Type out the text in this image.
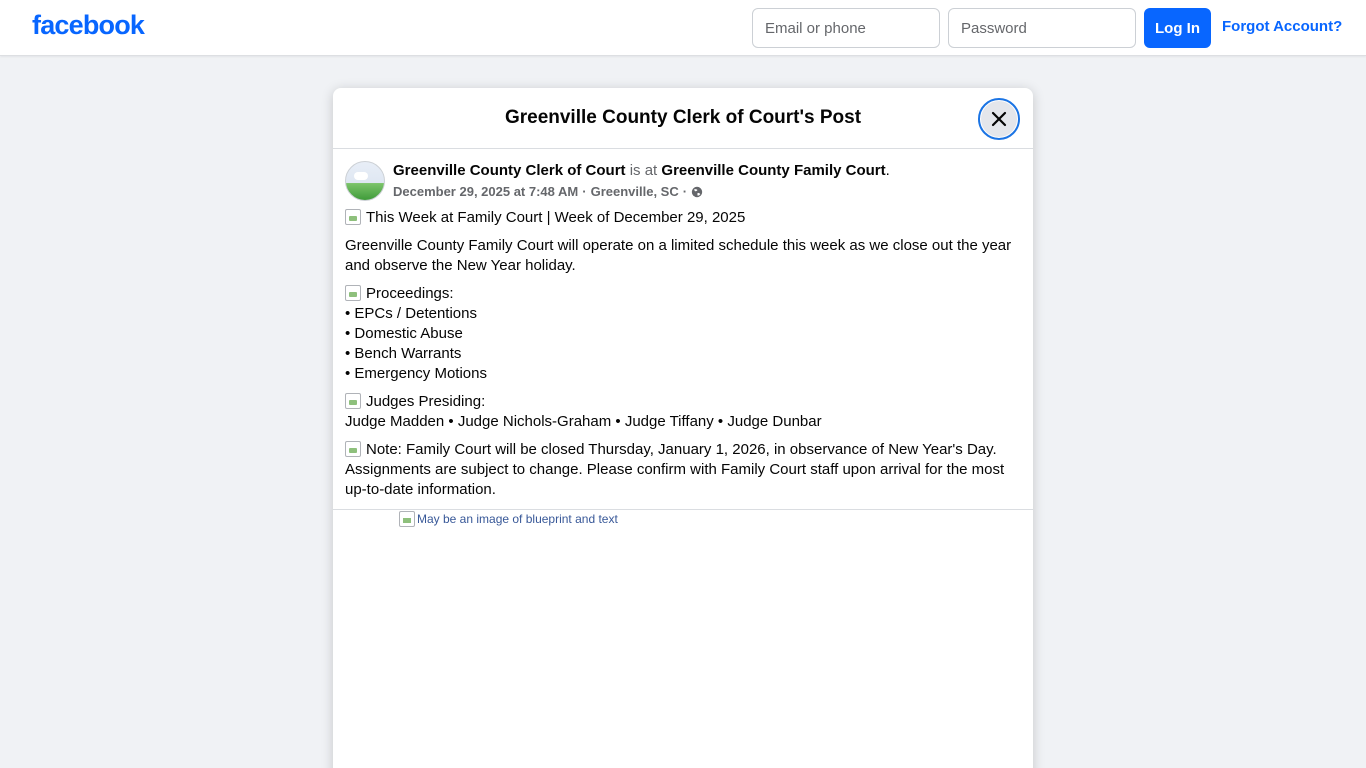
facebook
Email or phone	Log In	Forgot Account?
Greenville County Clerk of Court's Post
Greenville County Clerk of Court is at Greenville County Family Court.
December 29, 2025 at 7:48 AM · Greenville, SC ·

This Week at Family Court | Week of December 29, 2025

Greenville County Family Court will operate on a limited schedule this week as we close out the year and observe the New Year holiday.

Proceedings:
• EPCs / Detentions
• Domestic Abuse
• Bench Warrants
• Emergency Motions

Judges Presiding:
Judge Madden • Judge Nichols-Graham • Judge Tiffany • Judge Dunbar

Note: Family Court will be closed Thursday, January 1, 2026, in observance of New Year's Day.
Assignments are subject to change. Please confirm with Family Court staff upon arrival for the most up-to-date information.

May be an image of blueprint and text
